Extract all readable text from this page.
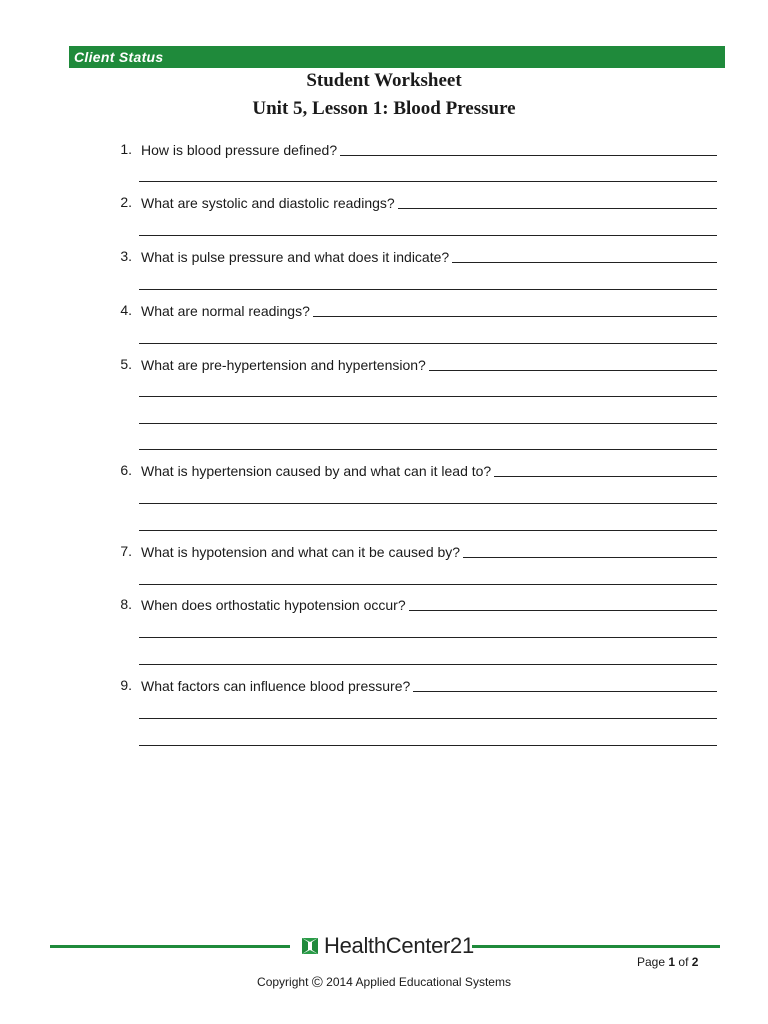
Client Status
Student Worksheet
Unit 5, Lesson 1: Blood Pressure
1. How is blood pressure defined?
2. What are systolic and diastolic readings?
3. What is pulse pressure and what does it indicate?
4. What are normal readings?
5. What are pre-hypertension and hypertension?
6. What is hypertension caused by and what can it lead to?
7. What is hypotension and what can it be caused by?
8. When does orthostatic hypotension occur?
9. What factors can influence blood pressure?
HealthCenter21
Page 1 of 2
Copyright © 2014 Applied Educational Systems
